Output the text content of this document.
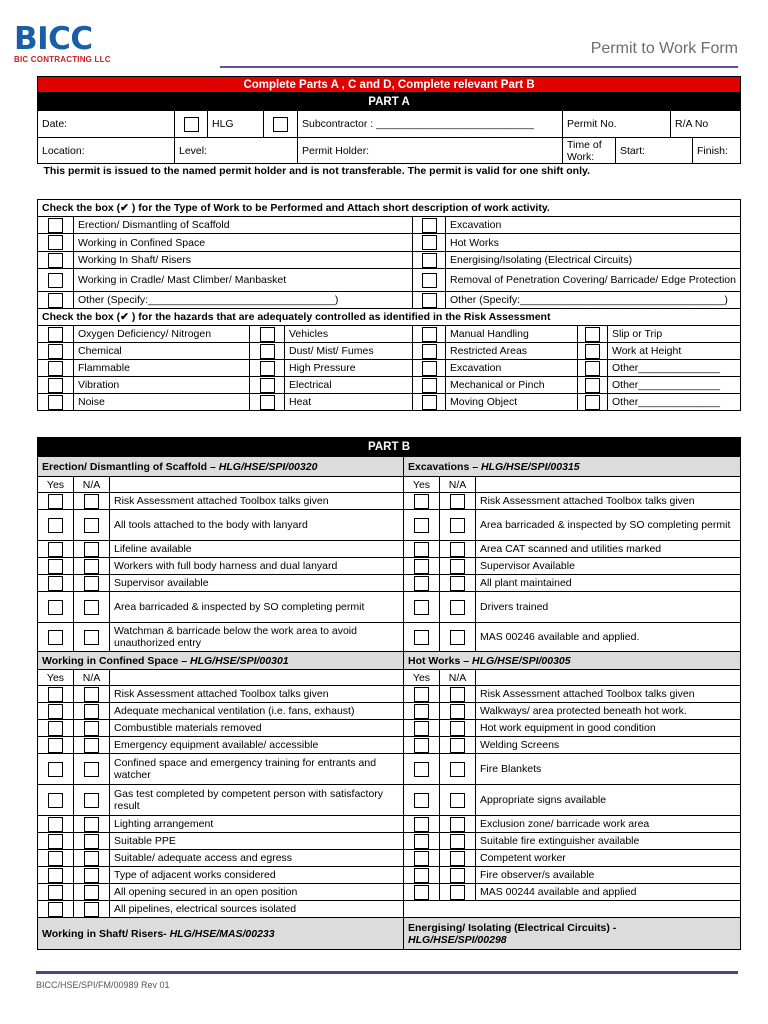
BICC
BIC CONTRACTING LLC
Permit to Work Form
Complete Parts A , C and D, Complete relevant Part B								
PART A								
Date:		HLG		Subcontractor : ___________________________	Permit No.		R/A No	
Location:	Level:			Permit Holder:	Time of Work:	Start:		Finish:
This permit is issued to the named permit holder and is not transferable. The permit is valid for one shift only.								
Check the box (✔ ) for the Type of Work to be Performed and Attach short description of work activity.							
	Erection/ Dismantling of Scaffold				Excavation		
	Working in Confined Space				Hot Works		
	Working In Shaft/ Risers				Energising/Isolating (Electrical Circuits)		
	Working in Cradle/ Mast Climber/ Manbasket				Removal of Penetration Covering/ Barricade/ Edge Protection		
	Other (Specify:________________________________)				Other (Specify:___________________________________)		
Check the box (✔ ) for the hazards that are adequately controlled as identified in the Risk Assessment							
	Oxygen Deficiency/ Nitrogen		Vehicles		Manual Handling		Slip or Trip
	Chemical		Dust/ Mist/ Fumes		Restricted Areas		Work at Height
	Flammable		High Pressure		Excavation		Other______________
	Vibration		Electrical		Mechanical or Pinch		Other______________
	Noise		Heat		Moving Object		Other______________
PART B					
Erection/ Dismantling of Scaffold – HLG/HSE/SPI/00320			Excavations – HLG/HSE/SPI/00315		
Yes	N/A		Yes	N/A	
		Risk Assessment attached Toolbox talks given			Risk Assessment attached Toolbox talks given
		All tools attached to the body with lanyard			Area barricaded & inspected by SO completing permit
		Lifeline available			Area CAT scanned and utilities marked
		Workers with full body harness and dual lanyard			Supervisor Available
		Supervisor available			All plant maintained
		Area barricaded & inspected by SO completing permit			Drivers trained
		Watchman & barricade below the work area to avoid unauthorized entry			MAS 00246 available and applied.
Working in Confined Space – HLG/HSE/SPI/00301			Hot Works – HLG/HSE/SPI/00305		
Yes	N/A		Yes	N/A	
		Risk Assessment attached Toolbox talks given			Risk Assessment attached Toolbox talks given
		Adequate mechanical ventilation (i.e. fans, exhaust)			Walkways/ area protected beneath hot work.
		Combustible materials removed			Hot work equipment in good condition
		Emergency equipment available/ accessible			Welding Screens
		Confined space and emergency training for entrants and watcher			Fire Blankets
		Gas test completed by competent person with satisfactory result			Appropriate signs available
		Lighting arrangement			Exclusion zone/ barricade work area
		Suitable PPE			Suitable fire extinguisher available
		Suitable/ adequate access and egress			Competent worker
		Type of adjacent works considered			Fire observer/s available
		All opening secured in an open position			MAS 00244 available and applied
		All pipelines, electrical sources isolated			
Working in Shaft/ Risers- HLG/HSE/MAS/00233			Energising/ Isolating (Electrical Circuits) -
HLG/HSE/SPI/00298		
BICC/HSE/SPI/FM/00989 Rev 01
